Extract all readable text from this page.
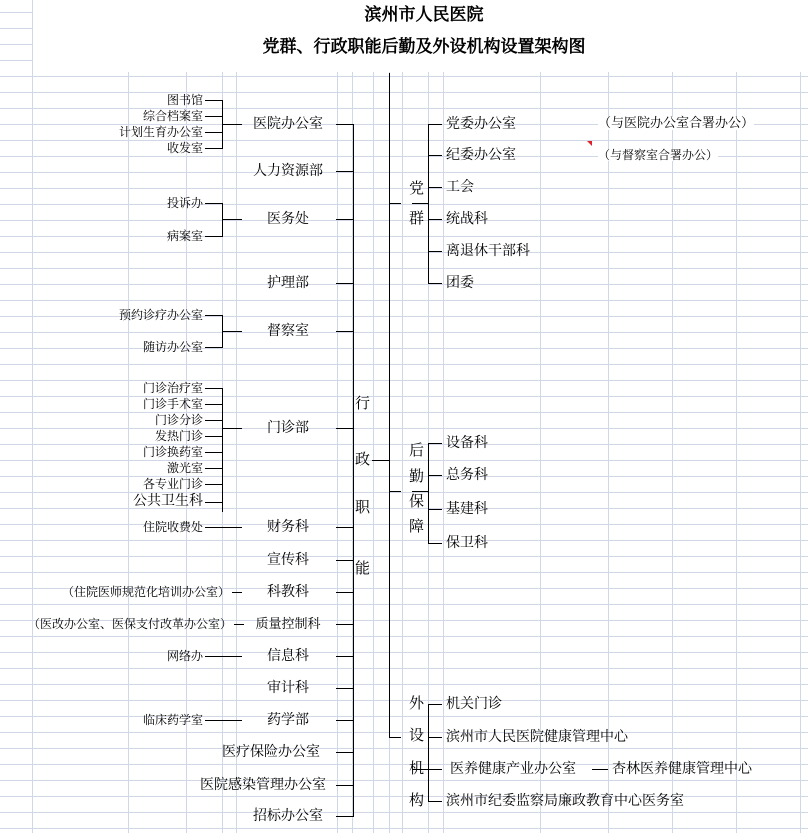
滨州市人民医院
党群、行政职能后勤及外设机构设置架构图
图书馆
综合档案室
计划生育办公室
收发室
投诉办
病案室
预约诊疗办公室
随访办公室
门诊治疗室
门诊手术室
门诊分诊
发热门诊
门诊换药室
激光室
各专业门诊
公共卫生科
住院收费处
（住院医师规范化培训办公室）
（医改办公室、医保支付改革办公室）
网络办
临床药学室
医院办公室
人力资源部
医务处
护理部
督察室
门诊部
财务科
宣传科
科教科
质量控制科
信息科
审计科
药学部
医疗保险办公室
医院感染管理办公室
招标办公室
行
政
职
能
党
群
党委办公室
纪委办公室
工会
统战科
离退休干部科
团委
（与医院办公室合署办公）
（与督察室合署办公）
后
勤
保
障
设备科
总务科
基建科
保卫科
外
设
机
构
机关门诊
滨州市人民医院健康管理中心
医养健康产业办公室
滨州市纪委监察局廉政教育中心医务室
杏林医养健康管理中心
